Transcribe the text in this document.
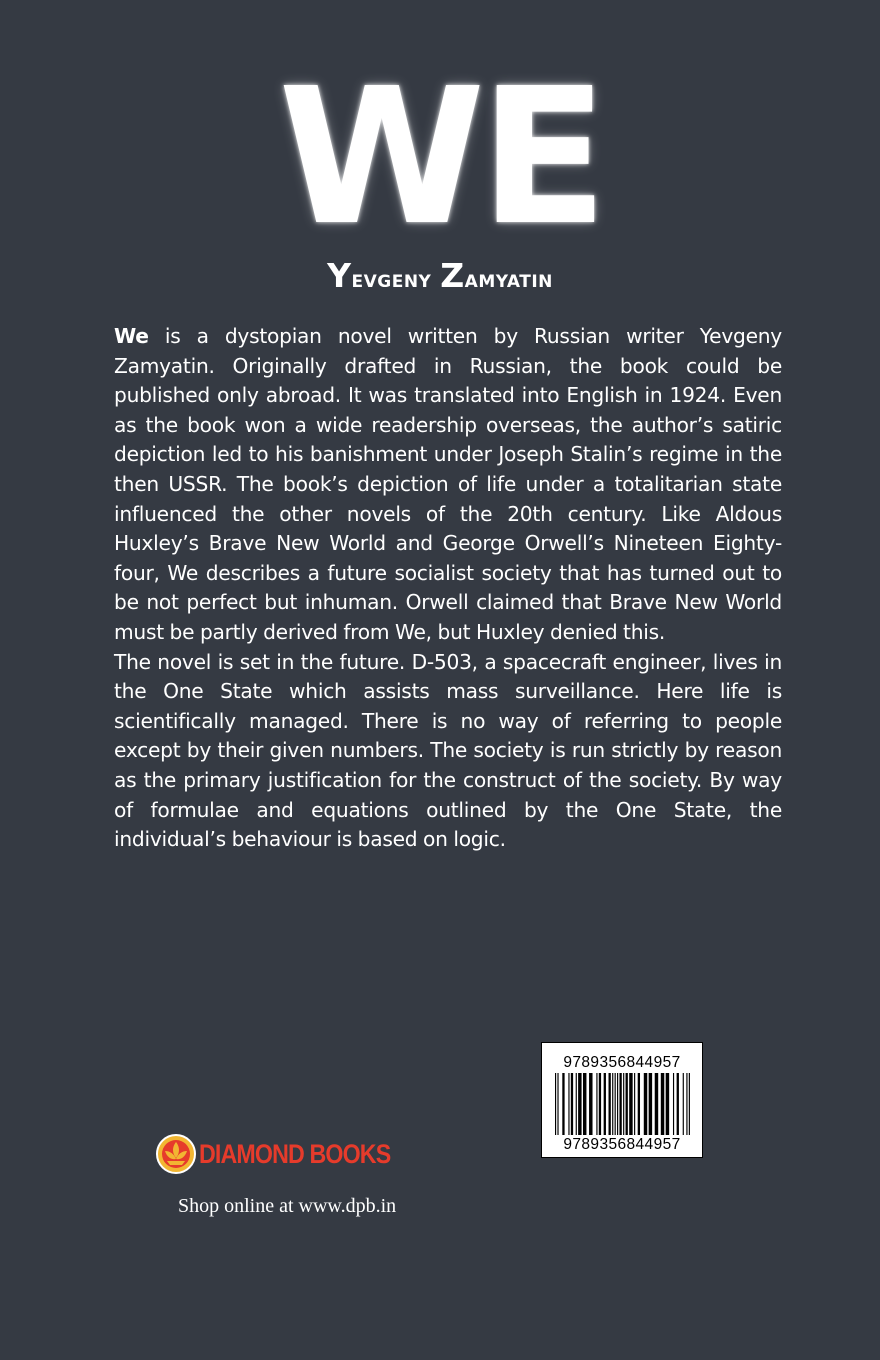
WE
Yevgeny Zamyatin

We is a dystopian novel written by Russian writer Yevgeny Zamyatin. Originally drafted in Russian, the book could be published only abroad. It was translated into English in 1924. Even as the book won a wide readership overseas, the author’s satiric depiction led to his banishment under Joseph Stalin’s regime in the then USSR. The book’s depiction of life under a totalitarian state influenced the other novels of the 20th century. Like Aldous Huxley’s Brave New World and George Orwell’s Nineteen Eighty-four, We describes a future socialist society that has turned out to be not perfect but inhuman. Orwell claimed that Brave New World must be partly derived from We, but Huxley denied this.

The novel is set in the future. D-503, a spacecraft engineer, lives in the One State which assists mass surveillance. Here life is scientifically managed. There is no way of referring to people except by their given numbers. The society is run strictly by reason as the primary justification for the construct of the society. By way of formulae and equations outlined by the One State, the individual’s behaviour is based on logic.

9789356844957
9789356844957
DIAMOND BOOKS
Shop online at www.dpb.in
